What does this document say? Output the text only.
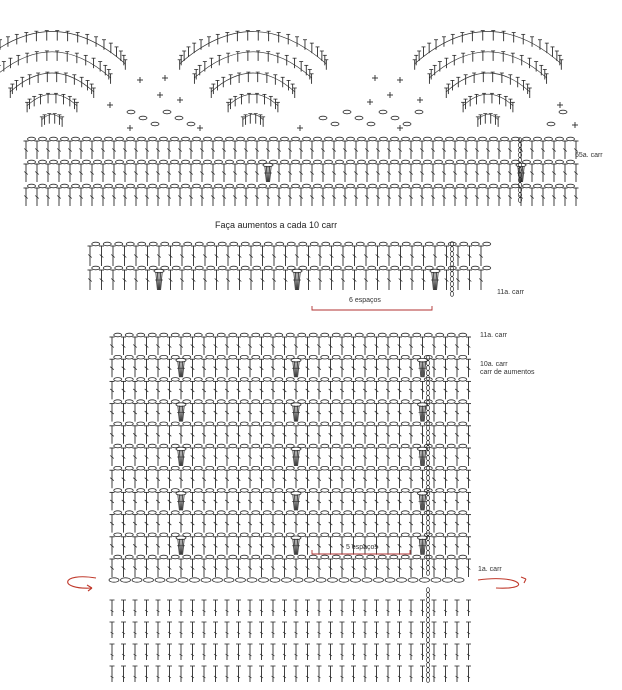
65a. carr
Faça aumentos a cada 10 carr
11a. carr
6 espaços
11a. carr
10a. carr
carr de aumentos
5 espaços
1a. carr
